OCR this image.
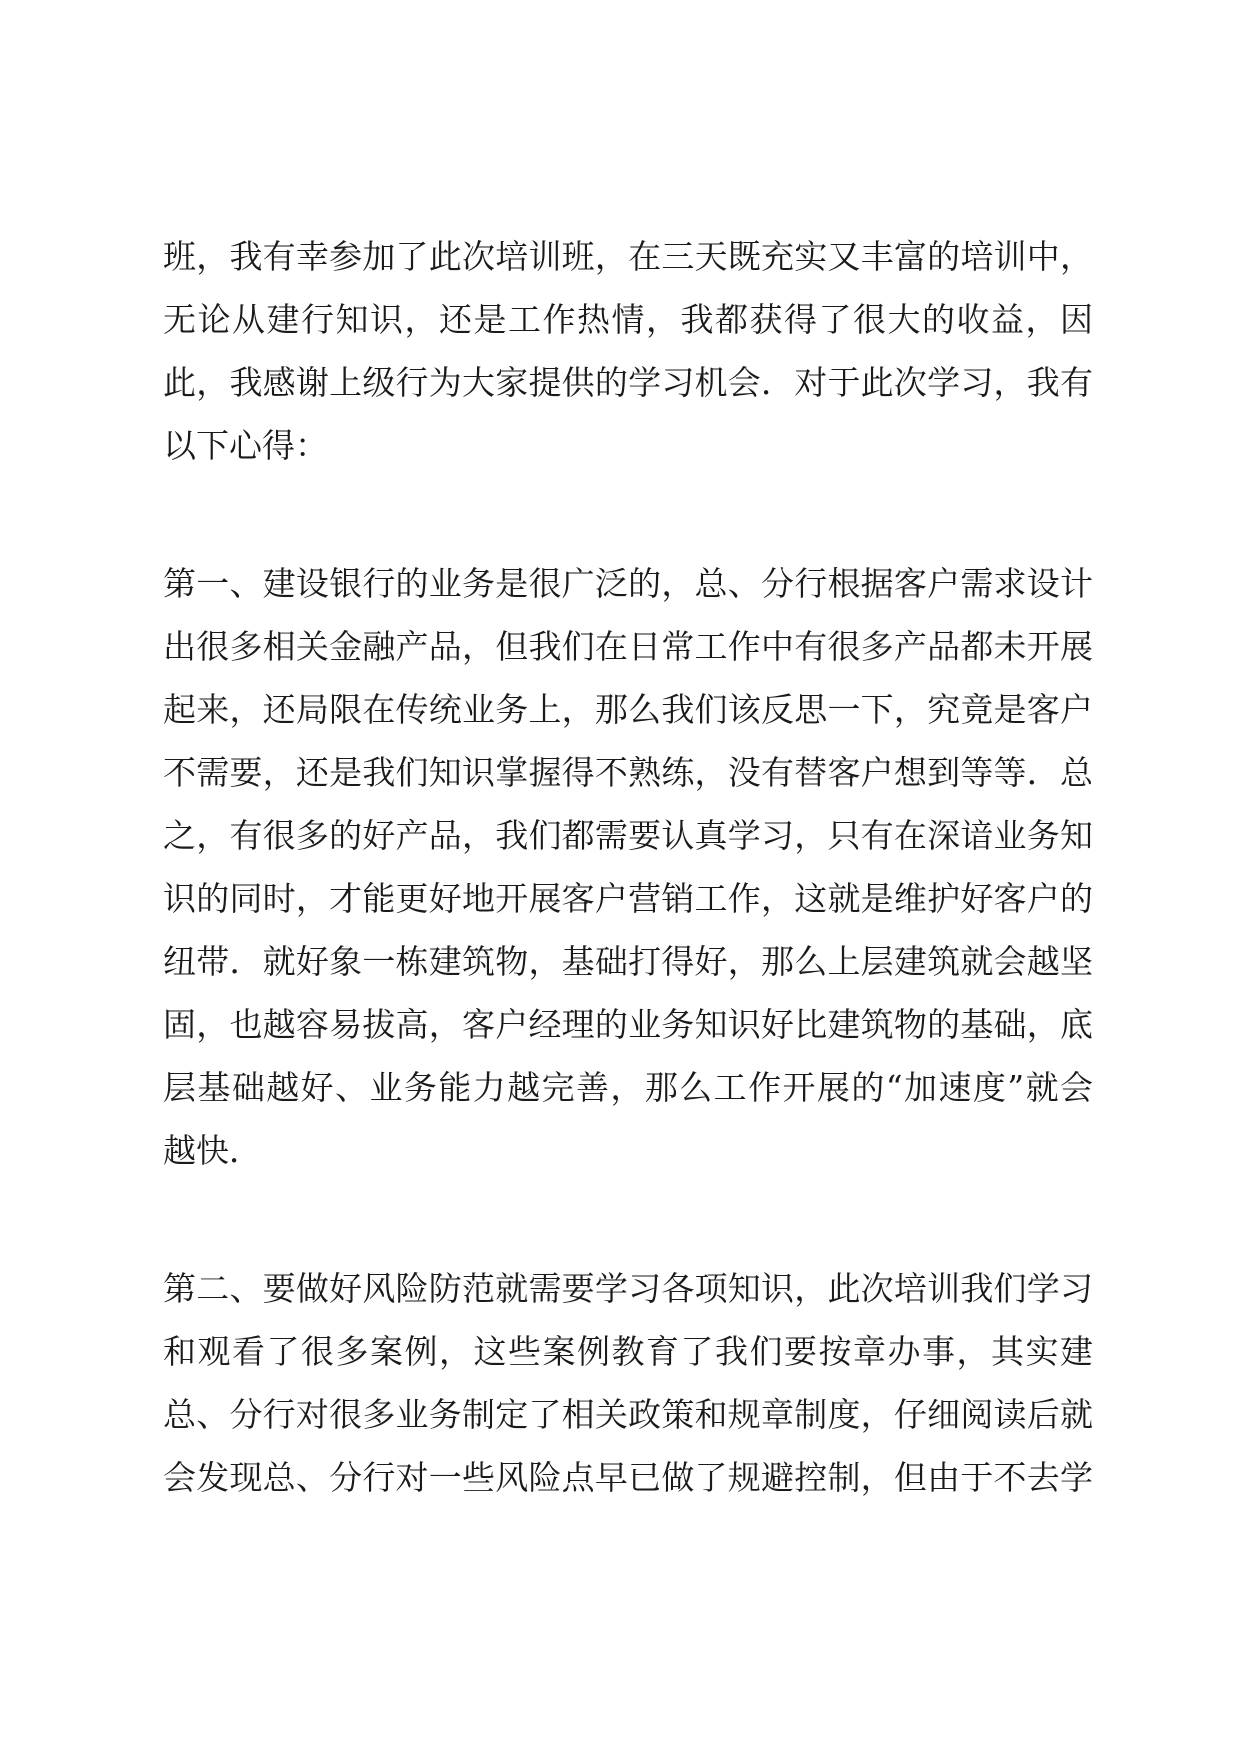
班，我有幸参加了此次培训班，在三天既充实又丰富的培训中，
无论从建行知识，还是工作热情，我都获得了很大的收益，因
此，我感谢上级行为大家提供的学习机会．对于此次学习，我有
以下心得：
第一、建设银行的业务是很广泛的，总、分行根据客户需求设计
出很多相关金融产品，但我们在日常工作中有很多产品都未开展
起来，还局限在传统业务上，那么我们该反思一下，究竟是客户
不需要，还是我们知识掌握得不熟练，没有替客户想到等等．总
之，有很多的好产品，我们都需要认真学习，只有在深谙业务知
识的同时，才能更好地开展客户营销工作，这就是维护好客户的
纽带．就好象一栋建筑物，基础打得好，那么上层建筑就会越坚
固，也越容易拔高，客户经理的业务知识好比建筑物的基础，底
层基础越好、业务能力越完善，那么工作开展的“加速度”就会
越快．
第二、要做好风险防范就需要学习各项知识，此次培训我们学习
和观看了很多案例，这些案例教育了我们要按章办事，其实建
总、分行对很多业务制定了相关政策和规章制度，仔细阅读后就
会发现总、分行对一些风险点早已做了规避控制，但由于不去学
